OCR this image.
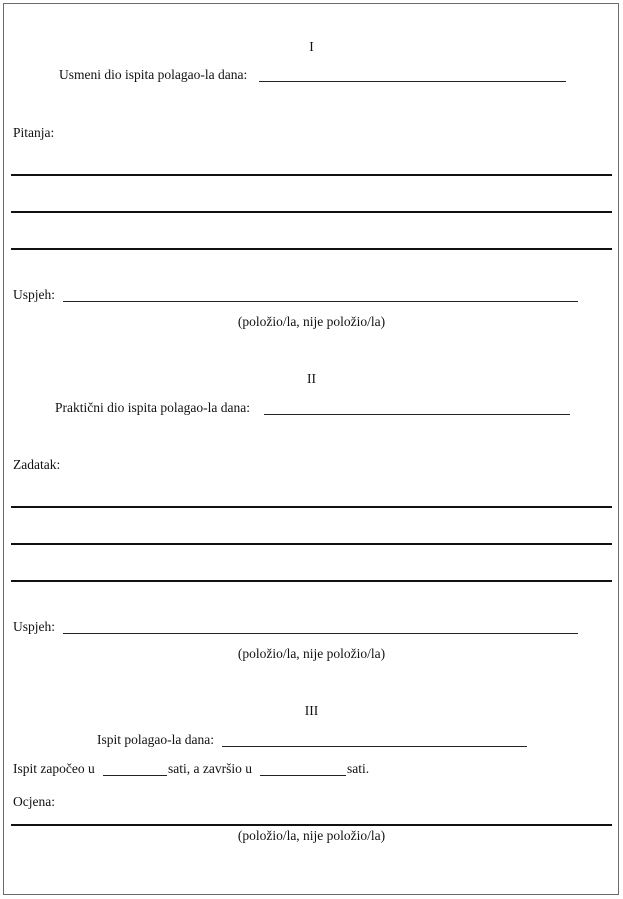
I
Usmeni dio ispita polagao-la dana:
Pitanja:
Uspjeh:
(položio/la, nije položio/la)
II
Praktični dio ispita polagao-la dana:
Zadatak:
Uspjeh:
(položio/la, nije položio/la)
III
Ispit polagao-la dana:
Ispit započeo u	sati, a završio u	sati.
Ocjena:
(položio/la, nije položio/la)
